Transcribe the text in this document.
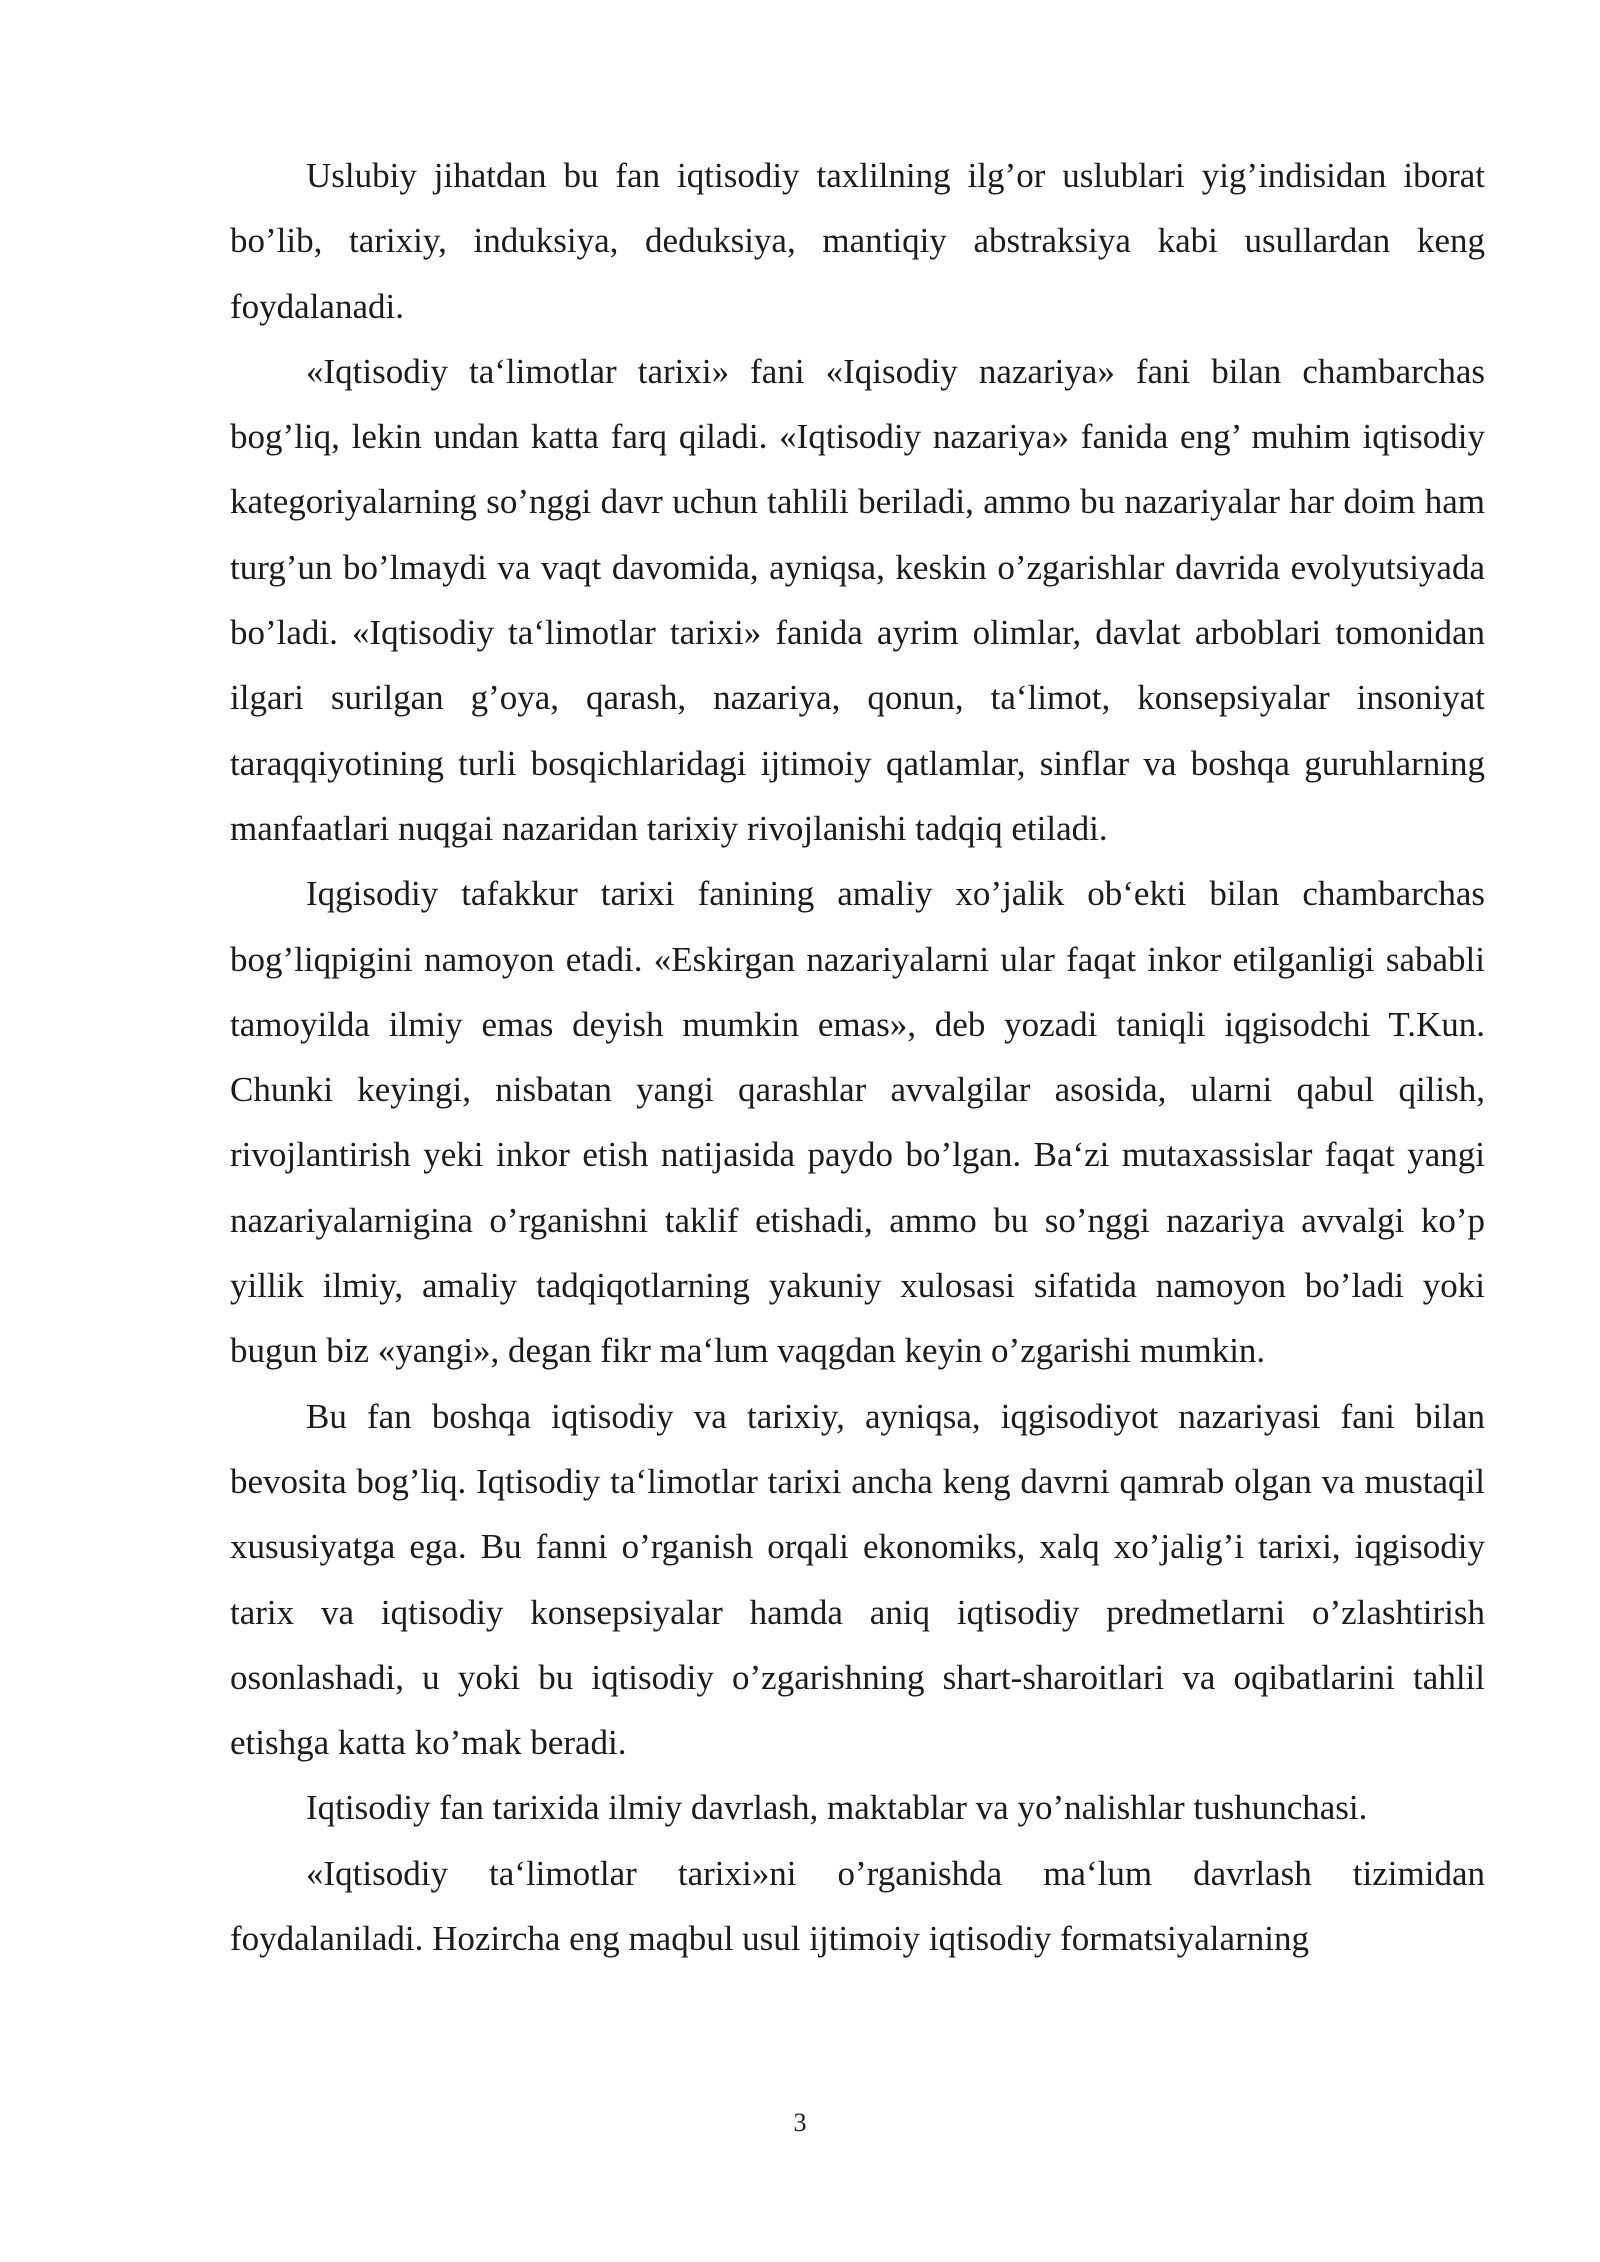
Uslubiy jihatdan bu fan iqtisodiy taxlilning ilg’or uslublari yig’indisidan iborat bo’lib, tarixiy, induksiya, deduksiya, mantiqiy abstraksiya kabi usullardan keng foydalanadi.

«Iqtisodiy ta‘limotlar tarixi» fani «Iqisodiy nazariya» fani bilan chambarchas bog’liq, lekin undan katta farq qiladi. «Iqtisodiy nazariya» fanida eng’ muhim iqtisodiy kategoriyalarning so’nggi davr uchun tahlili beriladi, ammo bu nazariyalar har doim ham turg’un bo’lmaydi va vaqt davomida, ayniqsa, keskin o’zgarishlar davrida evolyutsiyada bo’ladi. «Iqtisodiy ta‘limotlar tarixi» fanida ayrim olimlar, davlat arboblari tomonidan ilgari surilgan g’oya, qarash, nazariya, qonun, ta‘limot, konsepsiyalar insoniyat taraqqiyotining turli bosqichlaridagi ijtimoiy qatlamlar, sinflar va boshqa guruhlarning manfaatlari nuqgai nazaridan tarixiy rivojlanishi tadqiq etiladi.

Iqgisodiy tafakkur tarixi fanining amaliy xo’jalik ob‘ekti bilan chambarchas bog’liqpigini namoyon etadi. «Eskirgan nazariyalarni ular faqat inkor etilganligi sababli tamoyilda ilmiy emas deyish mumkin emas», deb yozadi taniqli iqgisodchi T.Kun. Chunki keyingi, nisbatan yangi qarashlar avvalgilar asosida, ularni qabul qilish, rivojlantirish yeki inkor etish natijasida paydo bo’lgan. Ba‘zi mutaxassislar faqat yangi nazariyalarnigina o’rganishni taklif etishadi, ammo bu so’nggi nazariya avvalgi ko’p yillik ilmiy, amaliy tadqiqotlarning yakuniy xulosasi sifatida namoyon bo’ladi yoki bugun biz «yangi», degan fikr ma‘lum vaqgdan keyin o’zgarishi mumkin.

Bu fan boshqa iqtisodiy va tarixiy, ayniqsa, iqgisodiyot nazariyasi fani bilan bevosita bog’liq. Iqtisodiy ta‘limotlar tarixi ancha keng davrni qamrab olgan va mustaqil xususiyatga ega. Bu fanni o’rganish orqali ekonomiks, xalq xo’jalig’i tarixi, iqgisodiy tarix va iqtisodiy konsepsiyalar hamda aniq iqtisodiy predmetlarni o’zlashtirish osonlashadi, u yoki bu iqtisodiy o’zgarishning shart-sharoitlari va oqibatlarini tahlil etishga katta ko’mak beradi.

Iqtisodiy fan tarixida ilmiy davrlash, maktablar va yo’nalishlar tushunchasi.

«Iqtisodiy ta‘limotlar tarixi»ni o’rganishda ma‘lum davrlash tizimidan foydalaniladi. Hozircha eng maqbul usul ijtimoiy iqtisodiy formatsiyalarning

3
